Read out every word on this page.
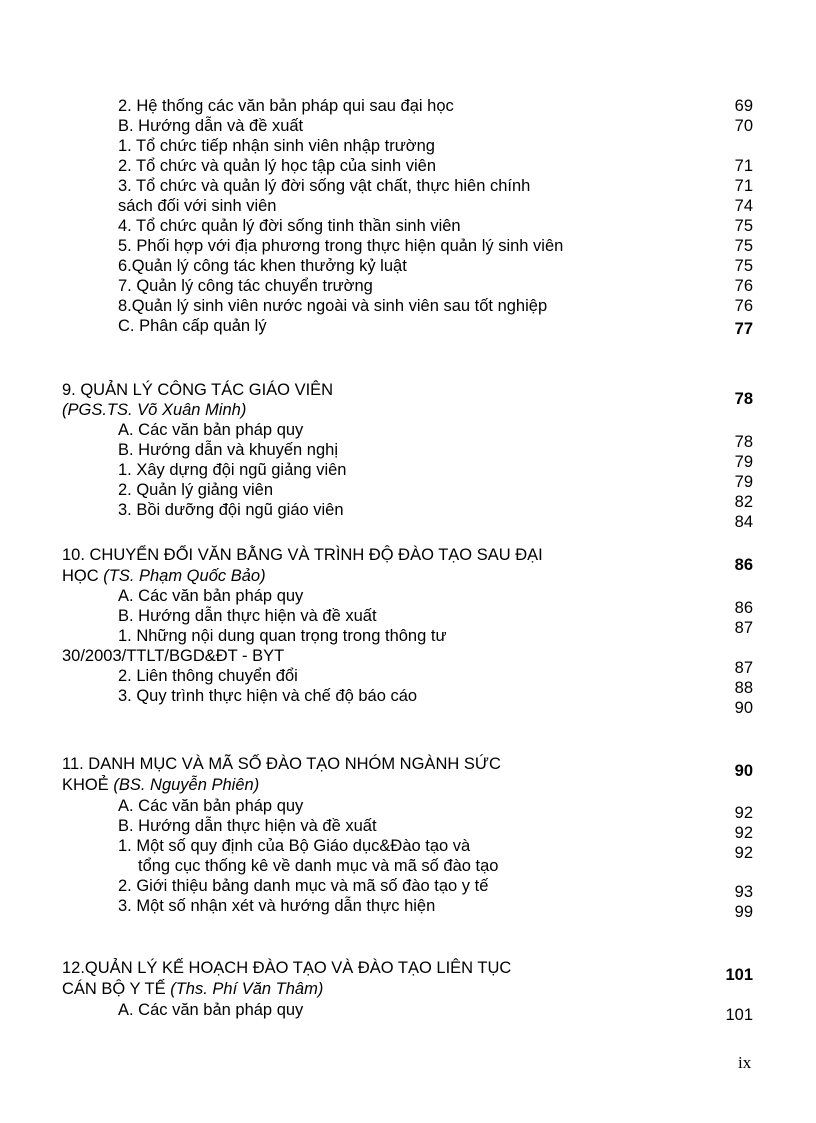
2. Hệ thống các văn bản pháp qui sau đại học
B. Hướng dẫn và đề xuất
1. Tổ chức tiếp nhận sinh viên nhập trường
2. Tổ chức và quản lý học tập của sinh viên
3. Tổ chức và quản lý đời sống vật chất, thực hiên chính
sách đối với sinh viên
4. Tổ chức quản lý đời sống tinh thần sinh viên
5. Phối hợp với địa phương trong thực hiện quản lý sinh viên
6.Quản lý công tác khen thưởng kỷ luật
7. Quản lý công tác chuyển trường
8.Quản lý sinh viên nước ngoài và sinh viên sau tốt nghiệp
C. Phân cấp quản lý
69
70
71
71
74
75
75
75
76
76
77
9. QUẢN LÝ CÔNG TÁC GIÁO VIÊN
(PGS.TS. Võ Xuân Minh)
78
A. Các văn bản pháp quy
B. Hướng dẫn và khuyến nghị
1. Xây dựng đội ngũ giảng viên
2. Quản lý giảng viên
3. Bồi dưỡng đội ngũ giáo viên
78
79
79
82
84
10. CHUYỂN ĐỔI VĂN BẰNG VÀ TRÌNH ĐỘ ĐÀO TẠO SAU ĐẠI
HỌC (TS. Phạm Quốc Bảo)
86
A. Các văn bản pháp quy
B. Hướng dẫn thực hiện và đề xuất
1. Những nội dung quan trọng trong thông tư
30/2003/TTLT/BGD&ĐT - BYT
2. Liên thông chuyển đổi
3. Quy trình thực hiện và chế độ báo cáo
86
87
87
88
90
11. DANH MỤC VÀ MÃ SỐ ĐÀO TẠO NHÓM NGÀNH SỨC
KHOẺ (BS. Nguyễn Phiên)
90
A. Các văn bản pháp quy
B. Hướng dẫn thực hiện và đề xuất
1. Một số quy định của Bộ Giáo dục&Đào tạo và
tổng cục thống kê về danh mục và mã số đào tạo
2. Giới thiệu bảng danh mục và mã số đào tạo y tế
3. Một số nhận xét và hướng dẫn thực hiện
92
92
92
93
99
12.QUẢN LÝ KẾ HOẠCH ĐÀO TẠO VÀ ĐÀO TẠO LIÊN TỤC
CÁN BỘ Y TẾ (Ths. Phí Văn Thâm)
101
A. Các văn bản pháp quy	101
ix
